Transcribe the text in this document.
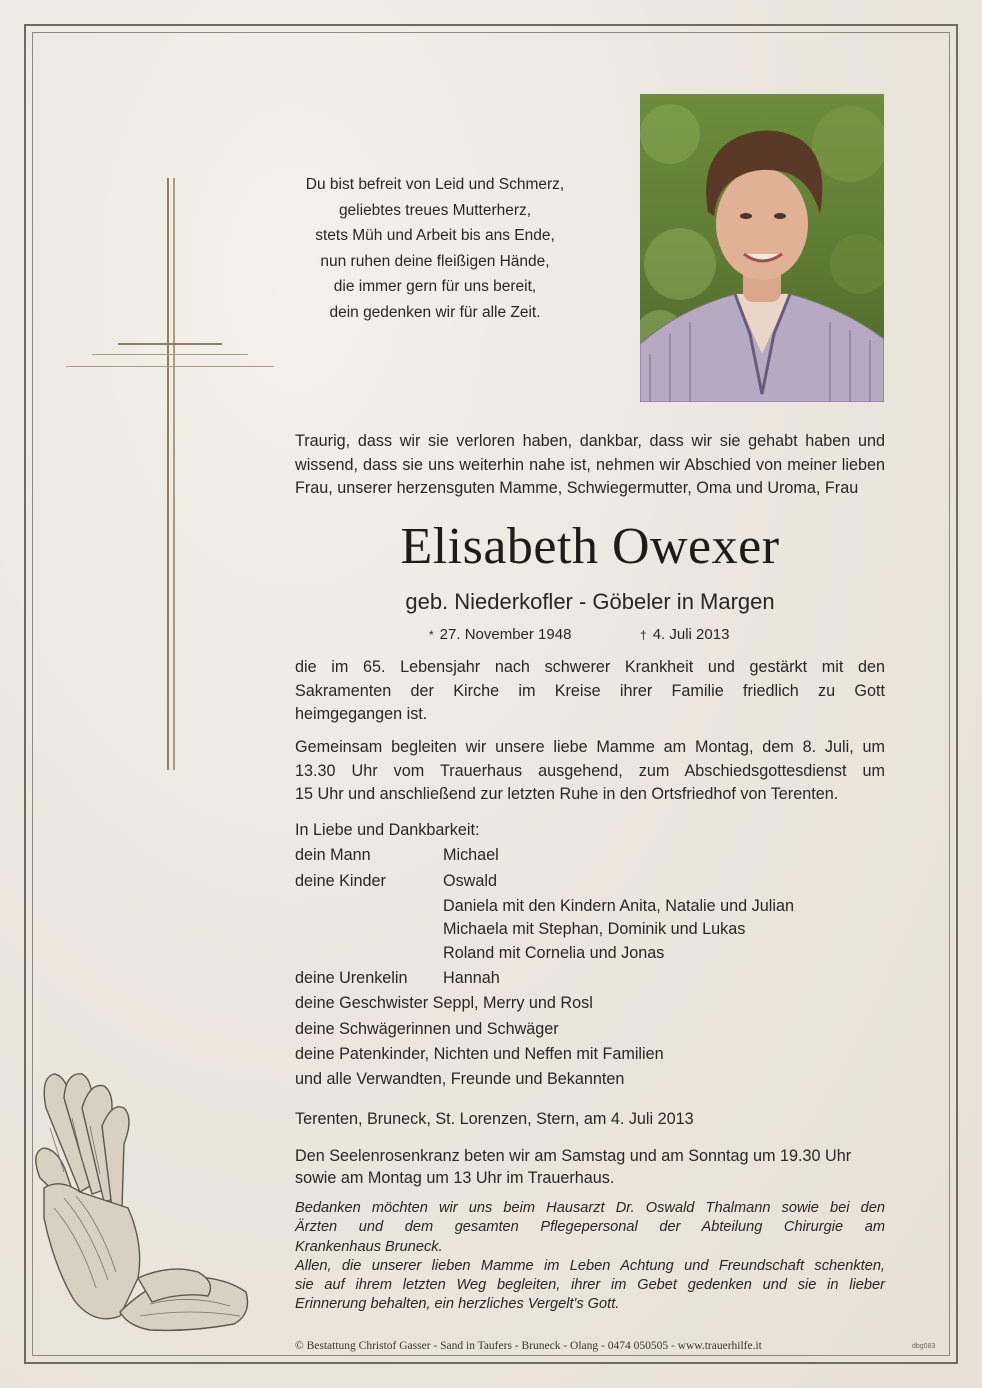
Du bist befreit von Leid und Schmerz,
geliebtes treues Mutterherz,
stets Müh und Arbeit bis ans Ende,
nun ruhen deine fleißigen Hände,
die immer gern für uns bereit,
dein gedenken wir für alle Zeit.
Traurig, dass wir sie verloren haben, dankbar, dass wir sie gehabt haben und
wissend, dass sie uns weiterhin nahe ist, nehmen wir Abschied von meiner lieben
Frau, unserer herzensguten Mamme, Schwiegermutter, Oma und Uroma, Frau
Elisabeth Owexer
geb. Niederkofler - Göbeler in Margen
* 27. November 1948	† 4. Juli 2013
die im 65. Lebensjahr nach schwerer Krankheit und gestärkt mit den
Sakramenten der Kirche im Kreise ihrer Familie friedlich zu Gott
heimgegangen ist.
Gemeinsam begleiten wir unsere liebe Mamme am Montag, dem 8. Juli, um
13.30 Uhr vom Trauerhaus ausgehend, zum Abschiedsgottesdienst um
15 Uhr und anschließend zur letzten Ruhe in den Ortsfriedhof von Terenten.
In Liebe und Dankbarkeit:
dein Mann	Michael
deine Kinder	Oswald
Daniela mit den Kindern Anita, Natalie und Julian
Michaela mit Stephan, Dominik und Lukas
Roland mit Cornelia und Jonas
deine Urenkelin Hannah
deine Geschwister Seppl, Merry und Rosl
deine Schwägerinnen und Schwäger
deine Patenkinder, Nichten und Neffen mit Familien
und alle Verwandten, Freunde und Bekannten
Terenten, Bruneck, St. Lorenzen, Stern, am 4. Juli 2013
Den Seelenrosenkranz beten wir am Samstag und am Sonntag um 19.30 Uhr
sowie am Montag um 13 Uhr im Trauerhaus.
Bedanken möchten wir uns beim Hausarzt Dr. Oswald Thalmann sowie bei den
Ärzten und dem gesamten Pflegepersonal der Abteilung Chirurgie am
Krankenhaus Bruneck.
Allen, die unserer lieben Mamme im Leben Achtung und Freundschaft schenkten,
sie auf ihrem letzten Weg begleiten, ihrer im Gebet gedenken und sie in lieber
Erinnerung behalten, ein herzliches Vergelt's Gott.
© Bestattung Christof Gasser - Sand in Taufers - Bruneck - Olang - 0474 050505 - www.trauerhilfe.it	dbg083
